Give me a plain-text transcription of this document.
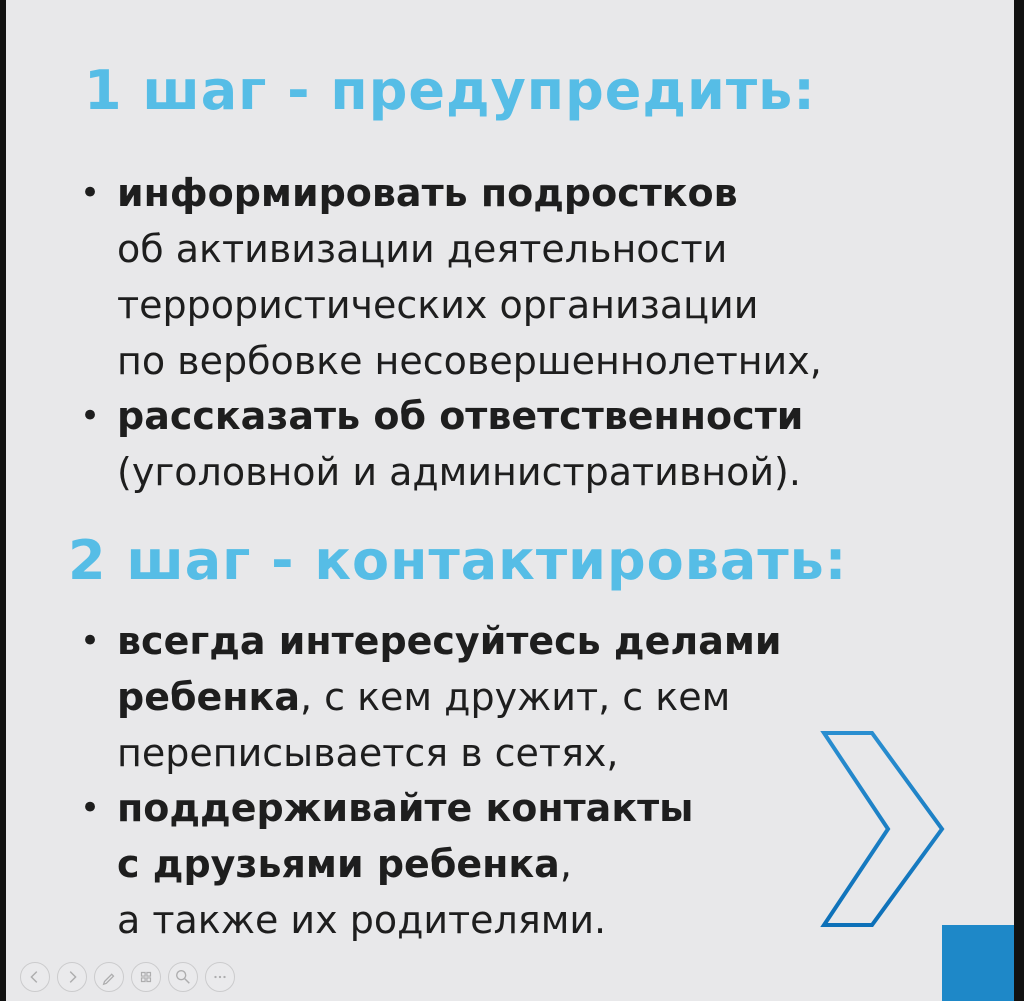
1 шаг - предупредить:
• информировать подростков
об активизации деятельности
террористических организации
по вербовке несовершеннолетних,
• рассказать об ответственности
(уголовной и административной).
2 шаг - контактировать:
• всегда интересуйтесь делами
ребенка, с кем дружит, с кем
переписывается в сетях,
• поддерживайте контакты
с друзьями ребенка,
а также их родителями.
